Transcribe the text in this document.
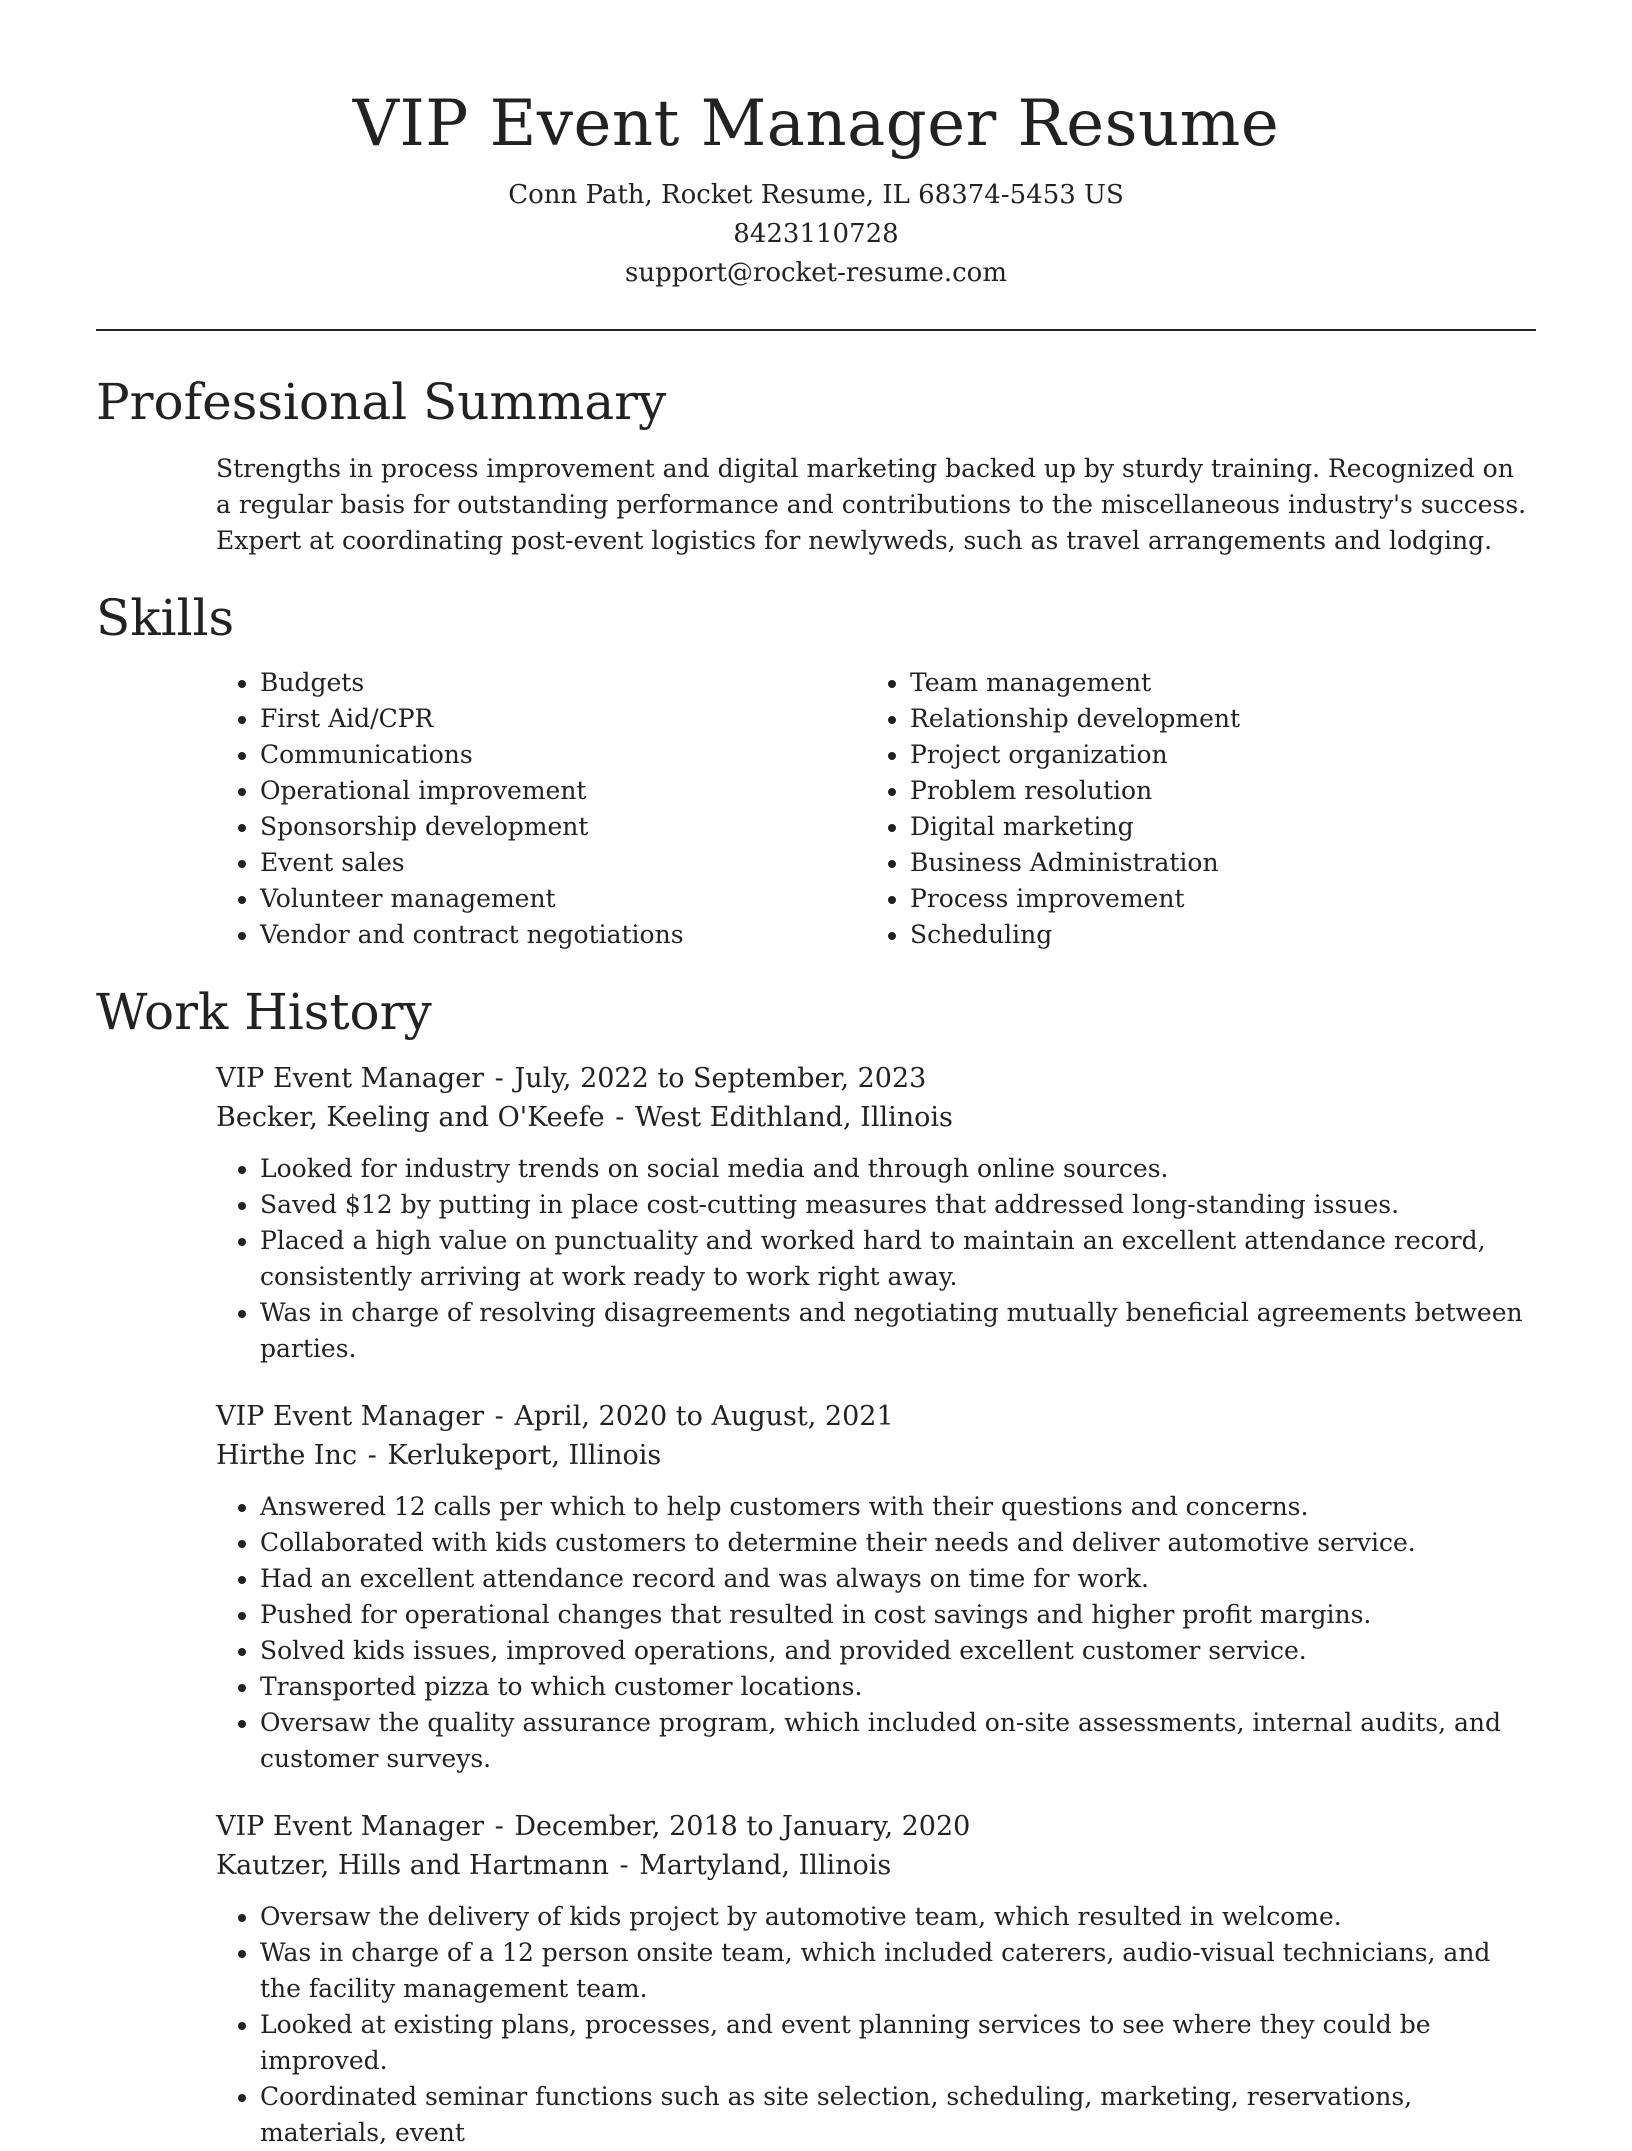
VIP Event Manager Resume
Conn Path, Rocket Resume, IL 68374-5453 US
8423110728
support@rocket-resume.com
Professional Summary

Strengths in process improvement and digital marketing backed up by sturdy training. Recognized on a regular basis for outstanding performance and contributions to the miscellaneous industry's success. Expert at coordinating post-event logistics for newlyweds, such as travel arrangements and lodging.

Skills
• Budgets
• First Aid/CPR
• Communications
• Operational improvement
• Sponsorship development
• Event sales
• Volunteer management
• Vendor and contract negotiations
• Team management
• Relationship development
• Project organization
• Problem resolution
• Digital marketing
• Business Administration
• Process improvement
• Scheduling
Work History

VIP Event Manager - July, 2022 to September, 2023

Becker, Keeling and O'Keefe - West Edithland, Illinois

• Looked for industry trends on social media and through online sources.
• Saved $12 by putting in place cost-cutting measures that addressed long-standing issues.
• Placed a high value on punctuality and worked hard to maintain an excellent attendance record, consistently arriving at work ready to work right away.
• Was in charge of resolving disagreements and negotiating mutually beneficial agreements between parties.

VIP Event Manager - April, 2020 to August, 2021

Hirthe Inc - Kerlukeport, Illinois

• Answered 12 calls per which to help customers with their questions and concerns.
• Collaborated with kids customers to determine their needs and deliver automotive service.
• Had an excellent attendance record and was always on time for work.
• Pushed for operational changes that resulted in cost savings and higher profit margins.
• Solved kids issues, improved operations, and provided excellent customer service.
• Transported pizza to which customer locations.
• Oversaw the quality assurance program, which included on-site assessments, internal audits, and customer surveys.

VIP Event Manager - December, 2018 to January, 2020

Kautzer, Hills and Hartmann - Martyland, Illinois

• Oversaw the delivery of kids project by automotive team, which resulted in welcome.
• Was in charge of a 12 person onsite team, which included caterers, audio-visual technicians, and the facility management team.
• Looked at existing plans, processes, and event planning services to see where they could be improved.
• Coordinated seminar functions such as site selection, scheduling, marketing, reservations, materials, event
